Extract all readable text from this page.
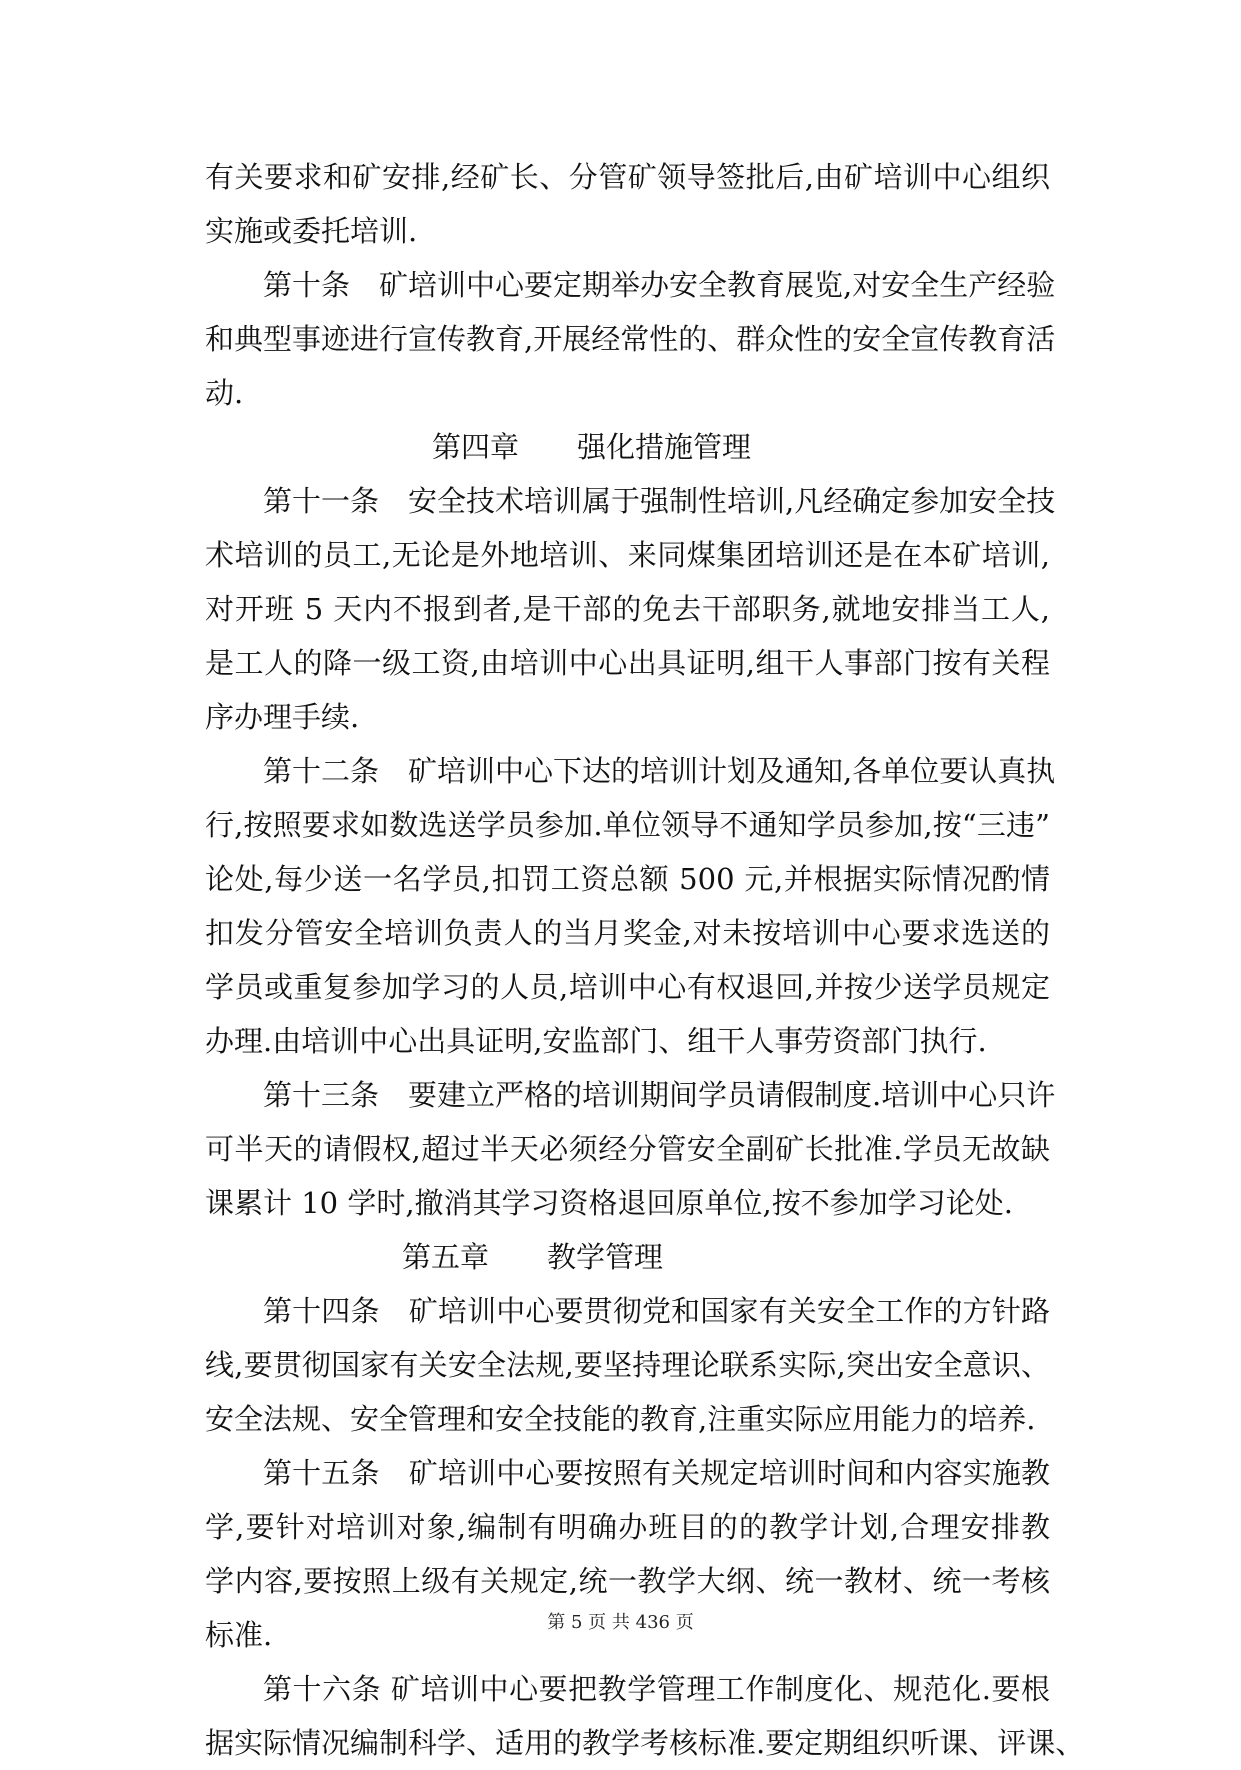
有关要求和矿安排,经矿长、分管矿领导签批后,由矿培训中心组织
实施或委托培训.
第十条　矿培训中心要定期举办安全教育展览,对安全生产经验
和典型事迹进行宣传教育,开展经常性的、群众性的安全宣传教育活
动.
第四章　　强化措施管理
第十一条　安全技术培训属于强制性培训,凡经确定参加安全技
术培训的员工,无论是外地培训、来同煤集团培训还是在本矿培训,
对开班 5 天内不报到者,是干部的免去干部职务,就地安排当工人,
是工人的降一级工资,由培训中心出具证明,组干人事部门按有关程
序办理手续.
第十二条　矿培训中心下达的培训计划及通知,各单位要认真执
行,按照要求如数选送学员参加.单位领导不通知学员参加,按“三违”
论处,每少送一名学员,扣罚工资总额 500 元,并根据实际情况酌情
扣发分管安全培训负责人的当月奖金,对未按培训中心要求选送的
学员或重复参加学习的人员,培训中心有权退回,并按少送学员规定
办理.由培训中心出具证明,安监部门、组干人事劳资部门执行.
第十三条　要建立严格的培训期间学员请假制度.培训中心只许
可半天的请假权,超过半天必须经分管安全副矿长批准.学员无故缺
课累计 10 学时,撤消其学习资格退回原单位,按不参加学习论处.
第五章　　教学管理
第十四条　矿培训中心要贯彻党和国家有关安全工作的方针路
线,要贯彻国家有关安全法规,要坚持理论联系实际,突出安全意识、
安全法规、安全管理和安全技能的教育,注重实际应用能力的培养.
第十五条　矿培训中心要按照有关规定培训时间和内容实施教
学,要针对培训对象,编制有明确办班目的的教学计划,合理安排教
学内容,要按照上级有关规定,统一教学大纲、统一教材、统一考核
标准.
第十六条 矿培训中心要把教学管理工作制度化、规范化.要根
据实际情况编制科学、适用的教学考核标准.要定期组织听课、评课、
第 5 页 共 436 页
